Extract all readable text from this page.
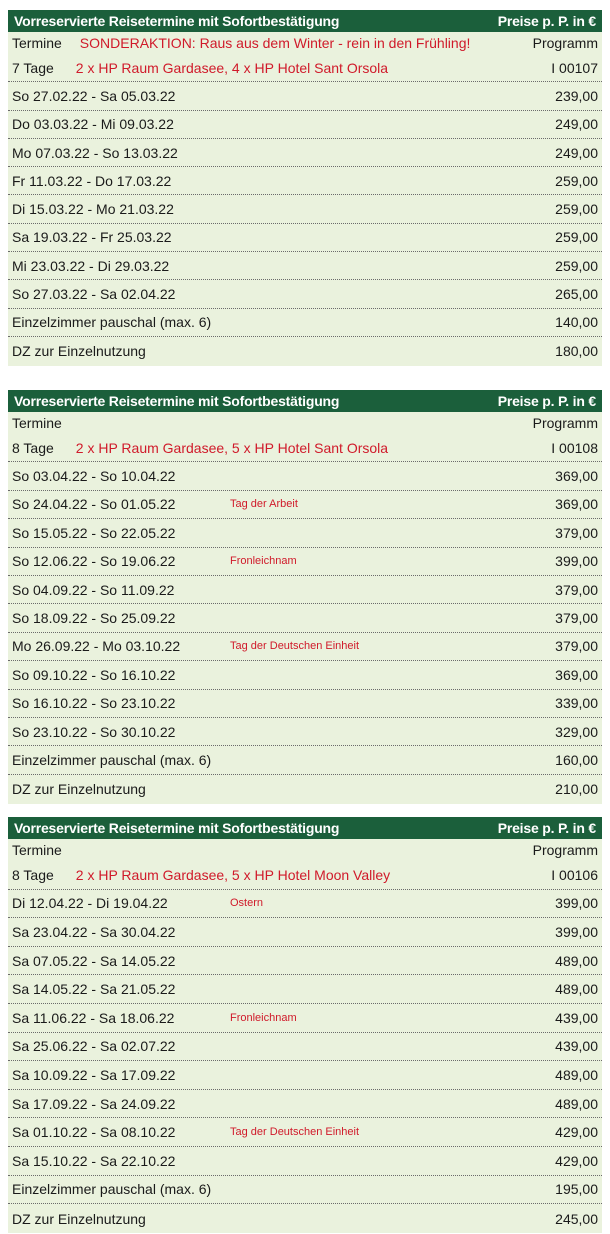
Vorreservierte Reisetermine mit Sofortbestätigung	Preise p. P. in €
Termine SONDERAKTION: Raus aus dem Winter - rein in den Frühling!	Programm
7 Tage 2 x HP Raum Gardasee, 4 x HP Hotel Sant Orsola	I 00107
So 27.02.22 - Sa 05.03.22	239,00
Do 03.03.22 - Mi 09.03.22	249,00
Mo 07.03.22 - So 13.03.22	249,00
Fr 11.03.22 - Do 17.03.22	259,00
Di 15.03.22 - Mo 21.03.22	259,00
Sa 19.03.22 - Fr 25.03.22	259,00
Mi 23.03.22 - Di 29.03.22	259,00
So 27.03.22 - Sa 02.04.22	265,00
Einzelzimmer pauschal (max. 6)	140,00
DZ zur Einzelnutzung	180,00
Vorreservierte Reisetermine mit Sofortbestätigung	Preise p. P. in €
Termine	Programm
8 Tage 2 x HP Raum Gardasee, 5 x HP Hotel Sant Orsola	I 00108
So 03.04.22 - So 10.04.22	369,00
So 24.04.22 - So 01.05.22	Tag der Arbeit	369,00
So 15.05.22 - So 22.05.22	379,00
So 12.06.22 - So 19.06.22	Fronleichnam	399,00
So 04.09.22 - So 11.09.22	379,00
So 18.09.22 - So 25.09.22	379,00
Mo 26.09.22 - Mo 03.10.22	Tag der Deutschen Einheit	379,00
So 09.10.22 - So 16.10.22	369,00
So 16.10.22 - So 23.10.22	339,00
So 23.10.22 - So 30.10.22	329,00
Einzelzimmer pauschal (max. 6)	160,00
DZ zur Einzelnutzung	210,00
Vorreservierte Reisetermine mit Sofortbestätigung	Preise p. P. in €
Termine	Programm
8 Tage 2 x HP Raum Gardasee, 5 x HP Hotel Moon Valley	I 00106
Di 12.04.22 - Di 19.04.22	Ostern	399,00
Sa 23.04.22 - Sa 30.04.22	399,00
Sa 07.05.22 - Sa 14.05.22	489,00
Sa 14.05.22 - Sa 21.05.22	489,00
Sa 11.06.22 - Sa 18.06.22	Fronleichnam	439,00
Sa 25.06.22 - Sa 02.07.22	439,00
Sa 10.09.22 - Sa 17.09.22	489,00
Sa 17.09.22 - Sa 24.09.22	489,00
Sa 01.10.22 - Sa 08.10.22	Tag der Deutschen Einheit	429,00
Sa 15.10.22 - Sa 22.10.22	429,00
Einzelzimmer pauschal (max. 6)	195,00
DZ zur Einzelnutzung	245,00
